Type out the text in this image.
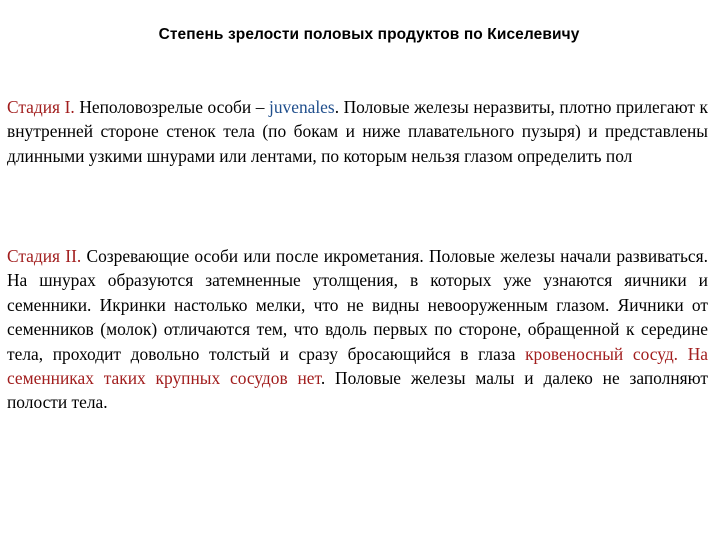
Степень зрелости половых продуктов по Киселевичу

Стадия I. Неполовозрелые особи – juvenales. Половые железы неразвиты, плотно прилегают к внутренней стороне стенок тела (по бокам и ниже плавательного пузыря) и представлены длинными узкими шнурами или лентами, по которым нельзя глазом определить пол

Стадия II. Созревающие особи или после икрометания. Половые железы начали развиваться. На шнурах образуются затемненные утолщения, в которых уже узнаются яичники и семенники. Икринки настолько мелки, что не видны невооруженным глазом. Яичники от семенников (молок) отличаются тем, что вдоль первых по стороне, обращенной к середине тела, проходит довольно толстый и сразу бросающийся в глаза кровеносный сосуд. На семенниках таких крупных сосудов нет. Половые железы малы и далеко не заполняют полости тела.
